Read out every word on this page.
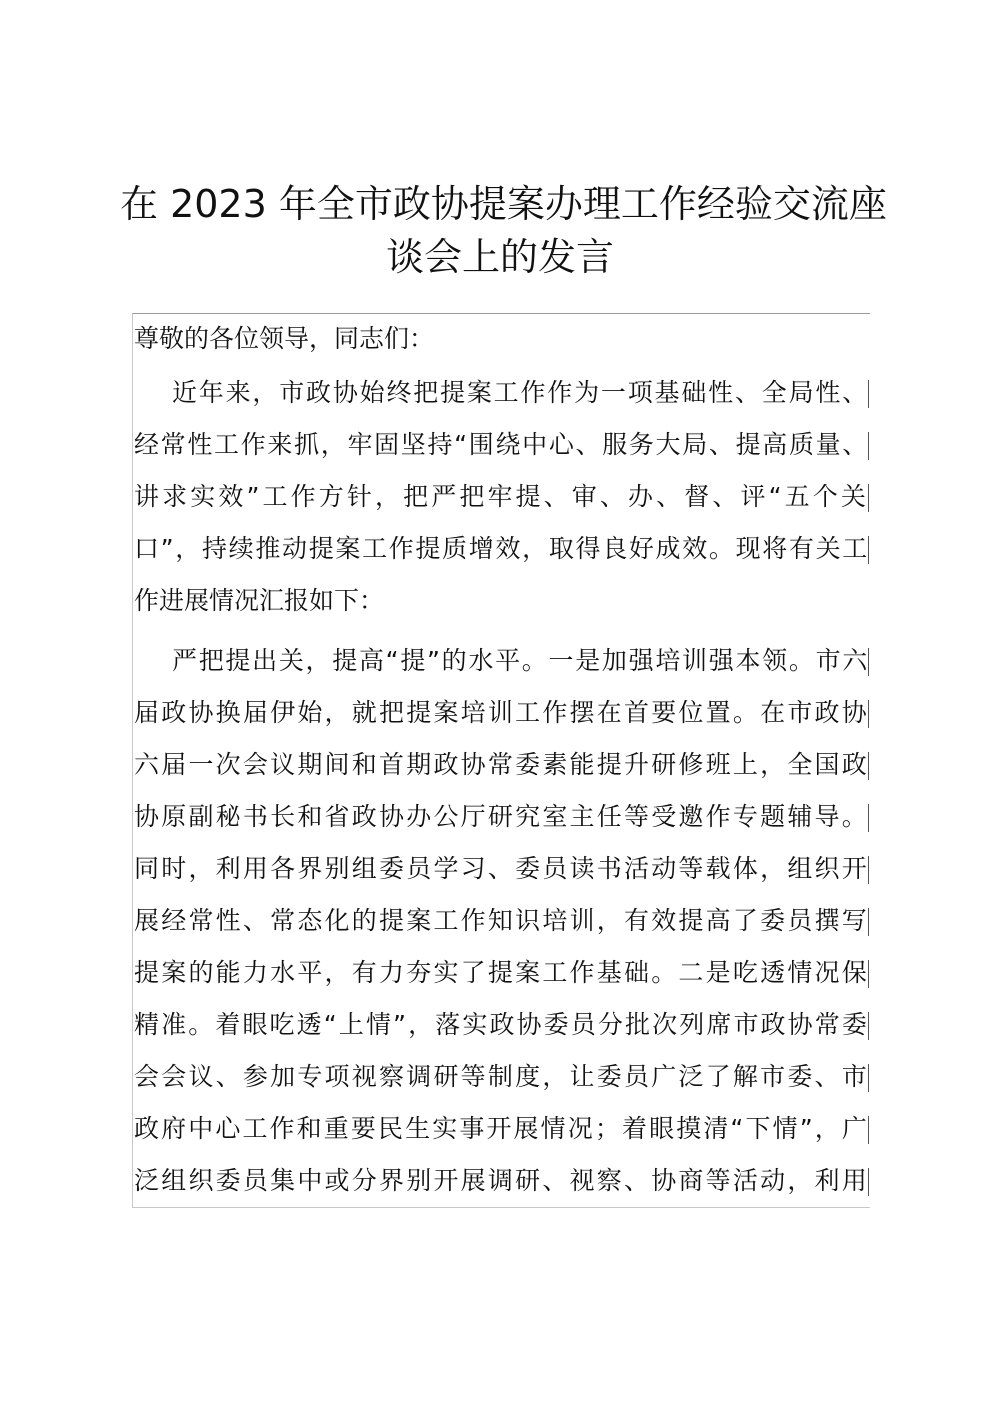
在 2023 年全市政协提案办理工作经验交流座
谈会上的发言
尊敬的各位领导，同志们：
近年来，市政协始终把提案工作作为一项基础性、全局性、
经常性工作来抓，牢固坚持“围绕中心、服务大局、提高质量、
讲求实效”工作方针，把严把牢提、审、办、督、评“五个关
口”，持续推动提案工作提质增效，取得良好成效。现将有关工
作进展情况汇报如下：
严把提出关，提高“提”的水平。一是加强培训强本领。市六
届政协换届伊始，就把提案培训工作摆在首要位置。在市政协
六届一次会议期间和首期政协常委素能提升研修班上，全国政
协原副秘书长和省政协办公厅研究室主任等受邀作专题辅导。
同时，利用各界别组委员学习、委员读书活动等载体，组织开
展经常性、常态化的提案工作知识培训，有效提高了委员撰写
提案的能力水平，有力夯实了提案工作基础。二是吃透情况保
精准。着眼吃透“上情”，落实政协委员分批次列席市政协常委
会会议、参加专项视察调研等制度，让委员广泛了解市委、市
政府中心工作和重要民生实事开展情况；着眼摸清“下情”，广
泛组织委员集中或分界别开展调研、视察、协商等活动，利用
